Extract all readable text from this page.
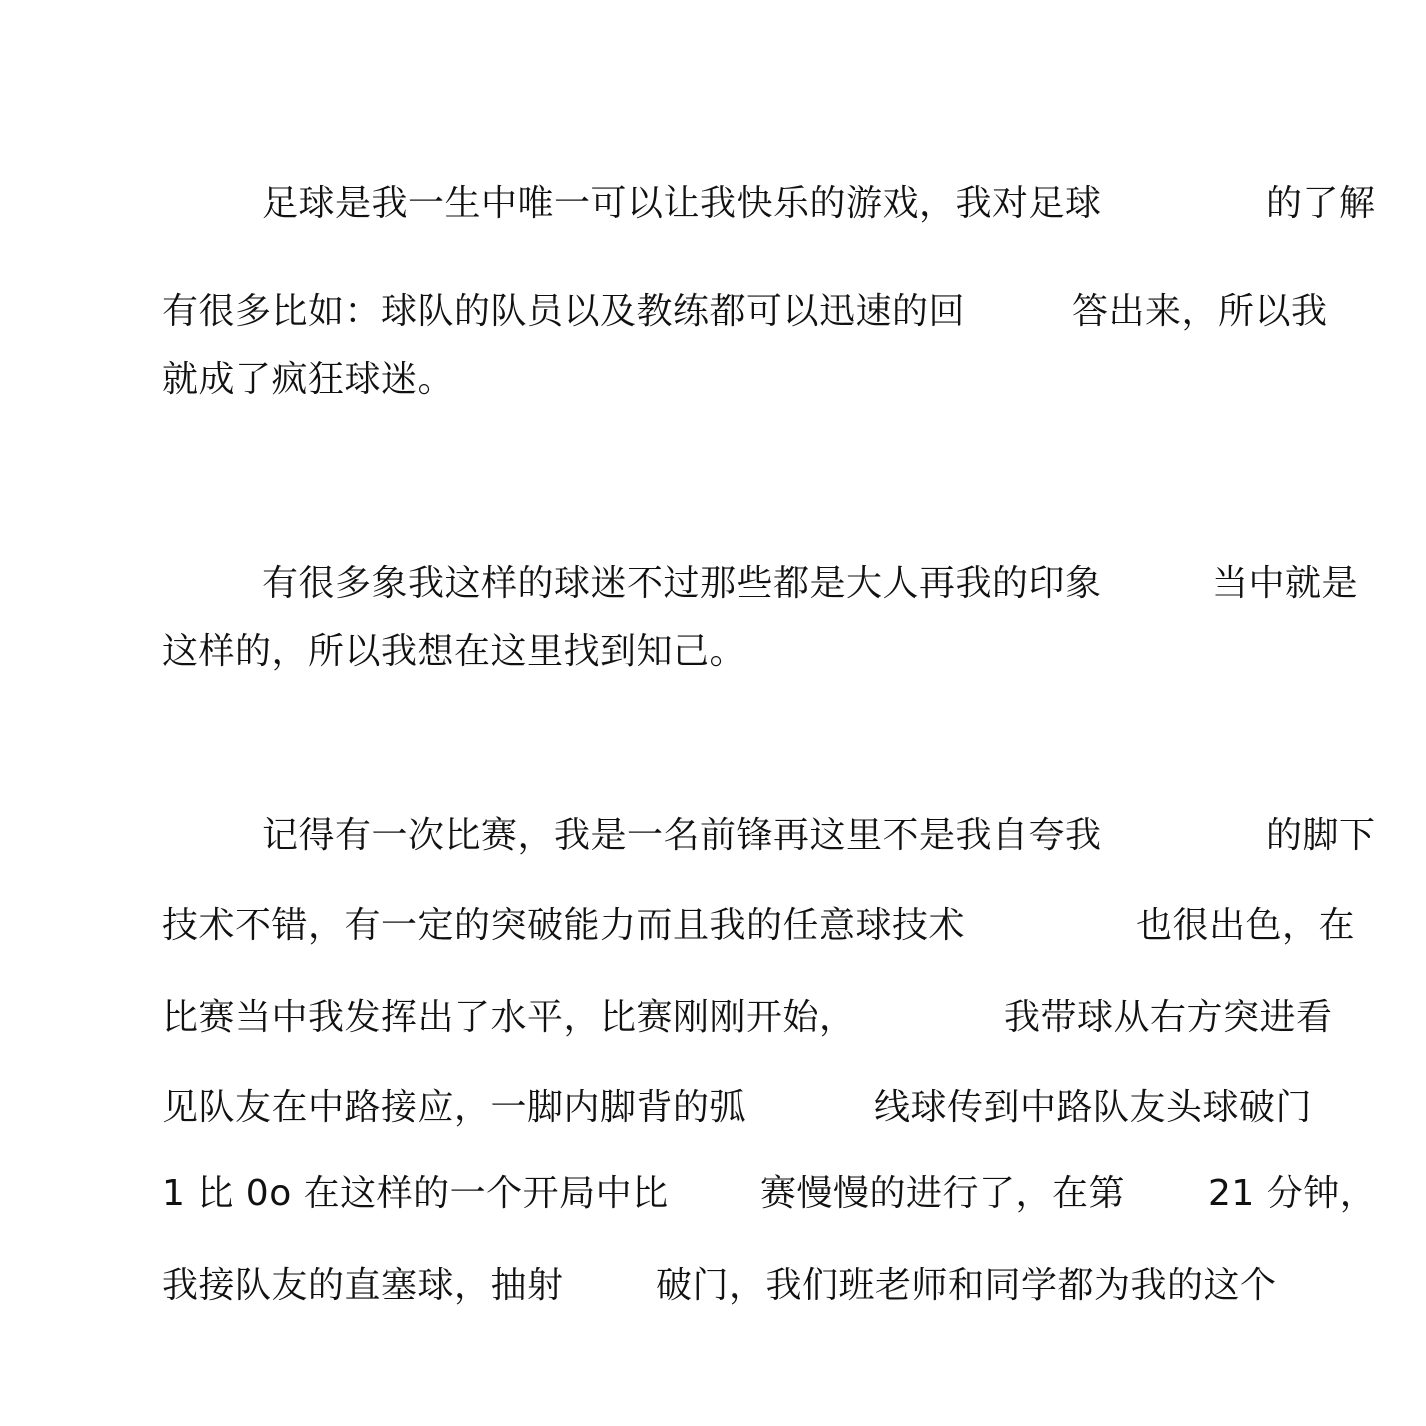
足球是我一生中唯一可以让我快乐的游戏，我对足球

	的了解

有很多比如：球队的队员以及教练都可以迅速的回

	答出来，所以我

就成了疯狂球迷。

有很多象我这样的球迷不过那些都是大人再我的印象

	当中就是

这样的，所以我想在这里找到知己。

记得有一次比赛，我是一名前锋再这里不是我自夸我

	的脚下

技术不错，有一定的突破能力而且我的任意球技术

	也很出色，在

比赛当中我发挥出了水平，比赛刚刚开始，

	我带球从右方突进看

见队友在中路接应，一脚内脚背的弧

	线球传到中路队友头球破门

1 比 0o 在这样的一个开局中比

	赛慢慢的进行了，在第

21 分钟，

我接队友的直塞球，抽射

	破门，我们班老师和同学都为我的这个
